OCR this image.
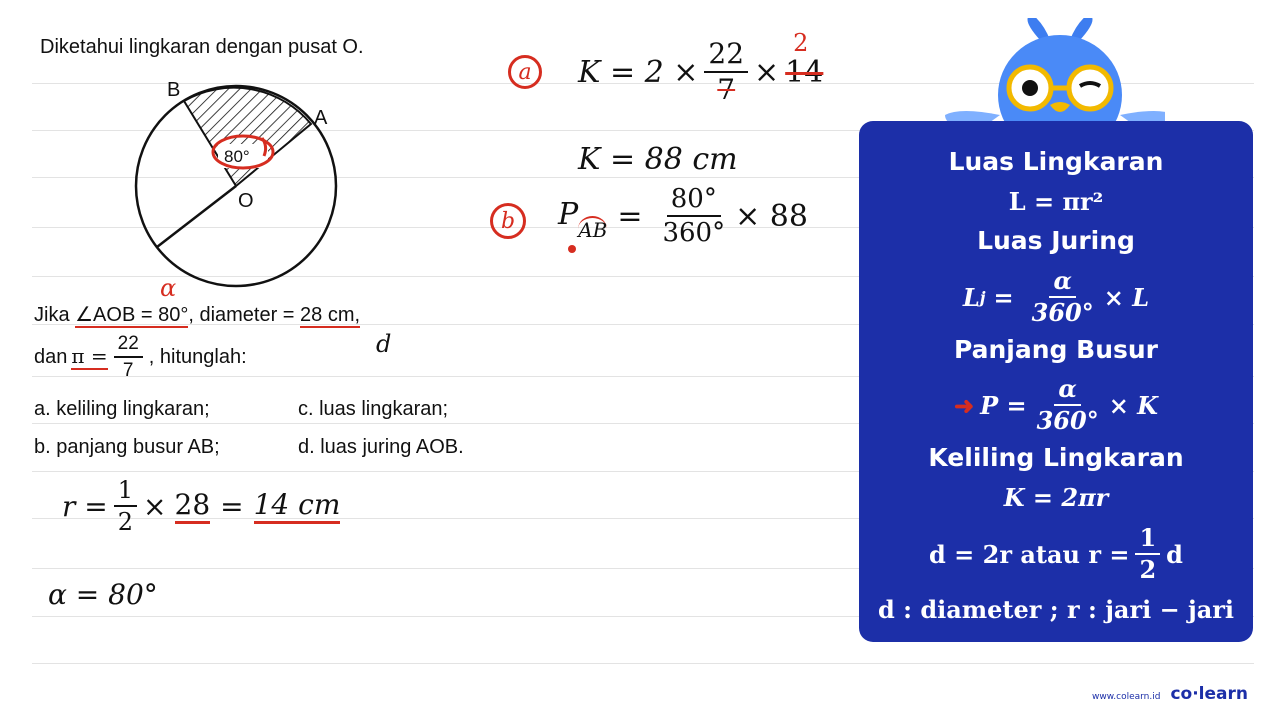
Diketahui lingkaran dengan pusat O.
80°
B
A
O
α
Jika ∠AOB = 80°, diameter = 28 cm,
d
dan $\pi = \frac{22}{7}$ , hitunglah:
a. keliling lingkaran;	c. luas lingkaran;
b. panjang busur AB;	d. luas juring AOB.
$r = \frac{1}{2} \times 28 = 14$ cm
α = 80°
a	$K = 2 \times \frac{22}{7} \times 14$
2
K = 88 cm
b	$P_{AB} = \frac{80^\circ}{360^\circ} \times 88$
Luas Lingkaran
L = πr²
Luas Juring
L $j = \frac{\alpha}{360^\circ} \times L$
Panjang Busur
➜ $P = \frac{\alpha}{360^\circ} \times K$
Keliling Lingkaran
K = 2πr
d = 2r atau $r = \frac{1}{2}$ d
d : diameter ; r : jari − jari
www.colearn.id co·learn
